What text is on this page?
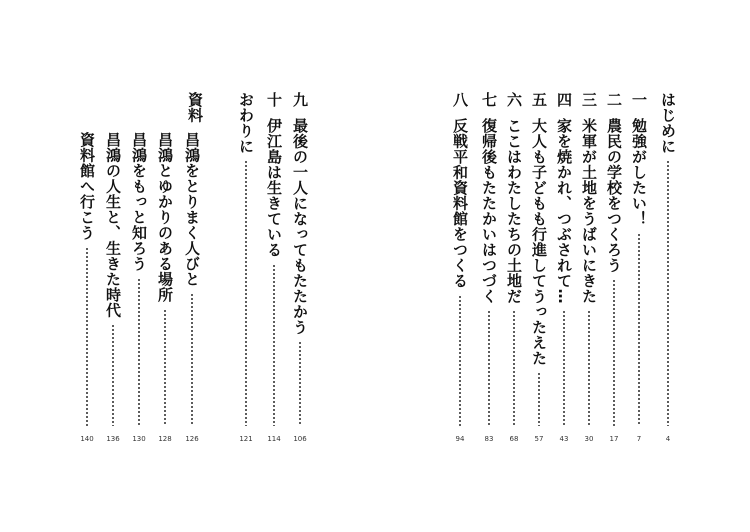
はじめに
4
一
勉強がしたい！
7
二
農民の学校をつくろう
17
三
米軍が土地をうばいにきた
30
四
家を焼かれ、つぶされて…
43
五
大人も子どもも行進してうったえた
57
六
ここはわたしたちの土地だ
68
七
復帰後もたたかいはつづく
83
八
反戦平和資料館をつくる
94
九
最後の一人になってもたたかう
106
十
伊江島は生きている
114
おわりに
121
資料
昌鴻をとりまく人びと
126
昌鴻とゆかりのある場所
128
昌鴻をもっと知ろう
130
昌鴻の人生と、生きた時代
136
資料館へ行こう
140
